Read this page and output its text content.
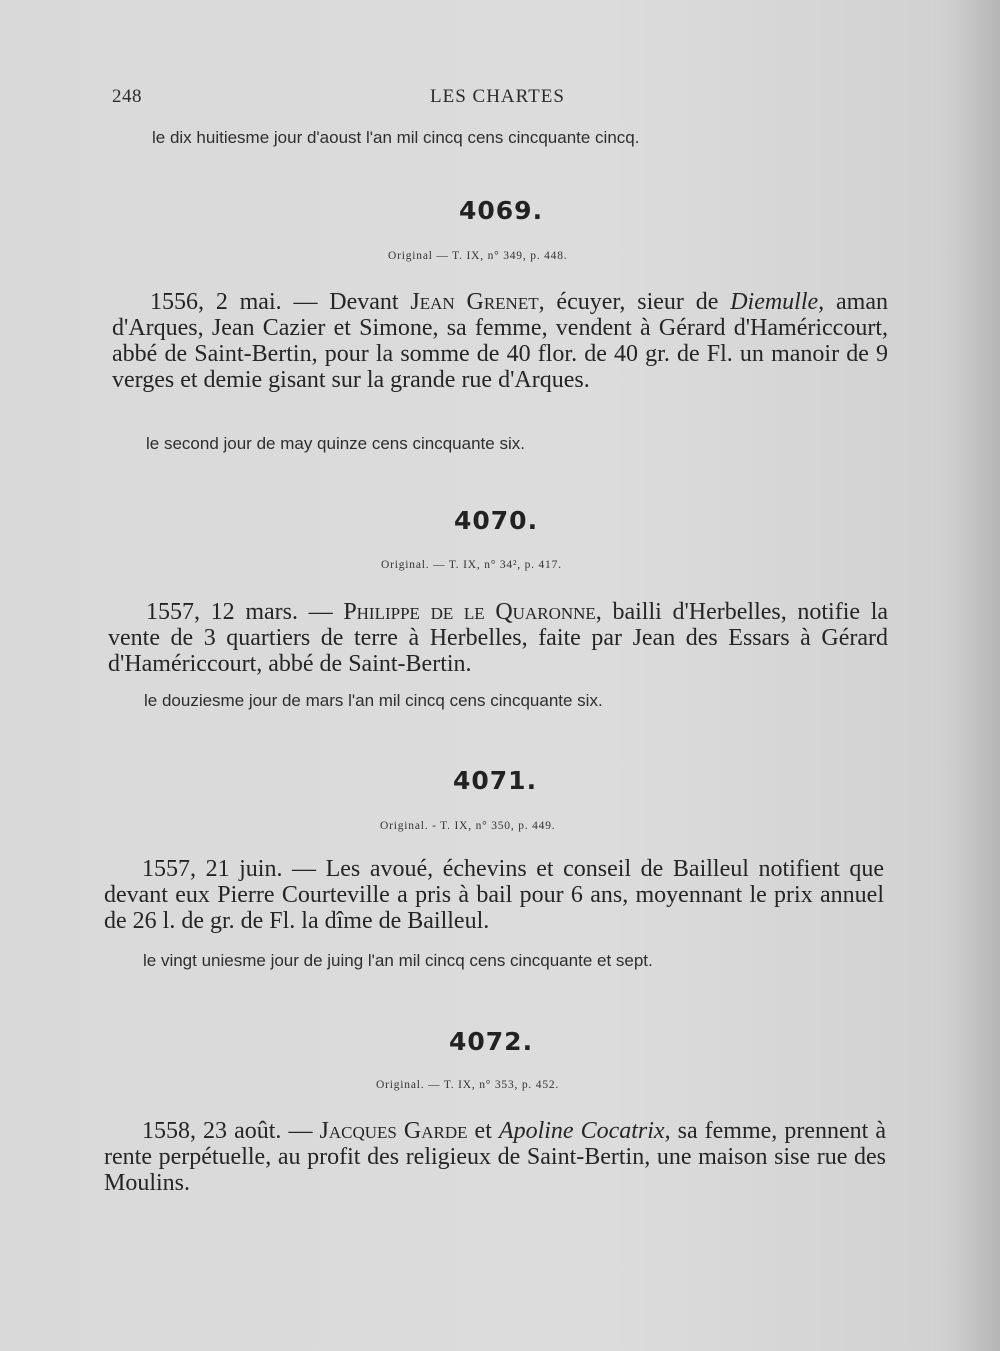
248	LES CHARTES
le dix huitiesme jour d'aoust l'an mil cincq cens cincquante cincq.
4069.
Original — T. IX, n° 349, p. 448.

1556, 2 mai. — Devant Jean Grenet, écuyer, sieur de Diemulle, aman d'Arques, Jean Cazier et Simone, sa femme, vendent à Gérard d'Hamériccourt, abbé de Saint-Bertin, pour la somme de 40 flor. de 40 gr. de Fl. un manoir de 9 verges et demie gisant sur la grande rue d'Arques.

le second jour de may quinze cens cincquante six.
4070.
Original. — T. IX, n° 34², p. 417.

1557, 12 mars. — Philippe de le Quaronne, bailli d'Herbelles, notifie la vente de 3 quartiers de terre à Herbelles, faite par Jean des Essars à Gérard d'Hamériccourt, abbé de Saint-Bertin.

le douziesme jour de mars l'an mil cincq cens cincquante six.
4071.
Original. - T. IX, n° 350, p. 449.

1557, 21 juin. — Les avoué, échevins et conseil de Bailleul notifient que devant eux Pierre Courteville a pris à bail pour 6 ans, moyennant le prix annuel de 26 l. de gr. de Fl. la dîme de Bailleul.

le vingt uniesme jour de juing l'an mil cincq cens cincquante et sept.
4072.
Original. — T. IX, n° 353, p. 452.

1558, 23 août. — Jacques Garde et Apoline Cocatrix, sa femme, prennent à rente perpétuelle, au profit des religieux de Saint-Bertin, une maison sise rue des Moulins.
